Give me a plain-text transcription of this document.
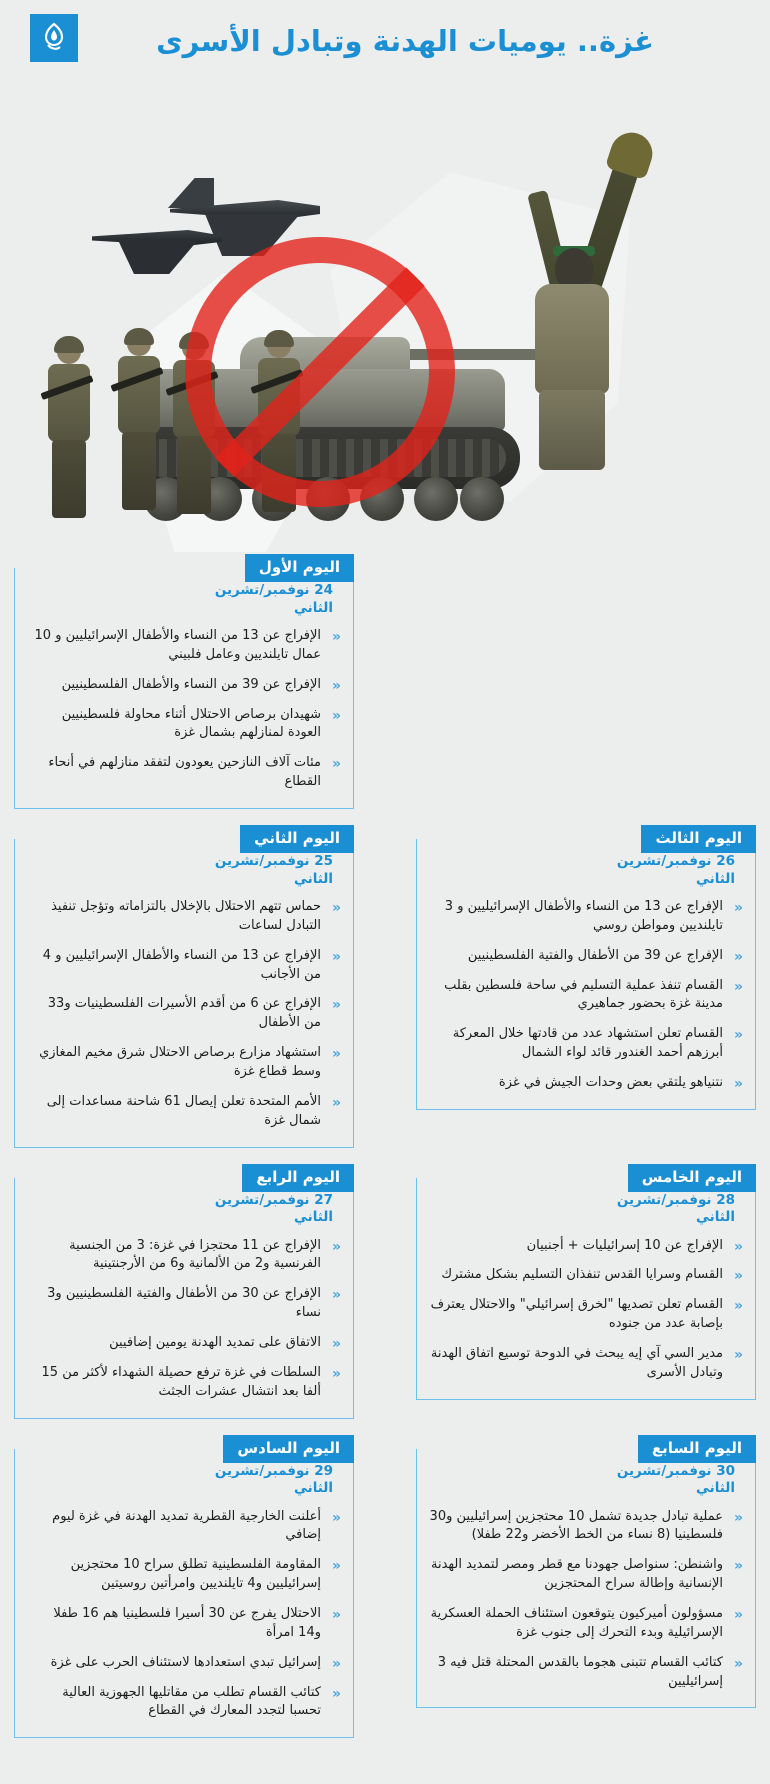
غزة.. يوميات الهدنة وتبادل الأسرى
اليوم الأول
24 نوفمبر/تشرين الثاني
«
الإفراج عن 13 من النساء والأطفال الإسرائيليين و 10 عمال تايلنديين وعامل فلبيني
«
الإفراج عن 39 من النساء والأطفال الفلسطينيين
«
شهيدان برصاص الاحتلال أثناء محاولة فلسطينيين العودة لمنازلهم بشمال غزة
«
مئات آلاف النازحين يعودون لتفقد منازلهم في أنحاء القطاع
اليوم الثالث
26 نوفمبر/تشرين الثاني
«
الإفراج عن 13 من النساء والأطفال الإسرائيليين و 3 تايلنديين ومواطن روسي
«
الإفراج عن 39 من الأطفال والفتية الفلسطينيين
«
القسام تنفذ عملية التسليم في ساحة فلسطين بقلب مدينة غزة بحضور جماهيري
«
القسام تعلن استشهاد عدد من قادتها خلال المعركة أبرزهم أحمد الغندور قائد لواء الشمال
«
نتنياهو يلتقي بعض وحدات الجيش في غزة
اليوم الثاني
25 نوفمبر/تشرين الثاني
«
حماس تتهم الاحتلال بالإخلال بالتزاماته وتؤجل تنفيذ التبادل لساعات
«
الإفراج عن 13 من النساء والأطفال الإسرائيليين و 4 من الأجانب
«
الإفراج عن 6 من أقدم الأسيرات الفلسطينيات و33 من الأطفال
«
استشهاد مزارع برصاص الاحتلال شرق مخيم المغازي وسط قطاع غزة
«
الأمم المتحدة تعلن إيصال 61 شاحنة مساعدات إلى شمال غزة
اليوم الخامس
28 نوفمبر/تشرين الثاني
«
الإفراج عن 10 إسرائيليات + أجنبيان
«
القسام وسرايا القدس تنفذان التسليم بشكل مشترك
«
القسام تعلن تصديها "لخرق إسرائيلي" والاحتلال يعترف بإصابة عدد من جنوده
«
مدير السي آي إيه يبحث في الدوحة توسيع اتفاق الهدنة وتبادل الأسرى
اليوم الرابع
27 نوفمبر/تشرين الثاني
«
الإفراج عن 11 محتجزا في غزة: 3 من الجنسية الفرنسية و2 من الألمانية و6 من الأرجنتينية
«
الإفراج عن 30 من الأطفال والفتية الفلسطينيين و3 نساء
«
الاتفاق على تمديد الهدنة يومين إضافيين
«
السلطات في غزة ترفع حصيلة الشهداء لأكثر من 15 ألفا بعد انتشال عشرات الجثث
اليوم السابع
30 نوفمبر/تشرين الثاني
«
عملية تبادل جديدة تشمل 10 محتجزين إسرائيليين و30 فلسطينيا (8 نساء من الخط الأخضر و22 طفلا)
«
واشنطن: سنواصل جهودنا مع قطر ومصر لتمديد الهدنة الإنسانية وإطالة سراح المحتجزين
«
مسؤولون أميركيون يتوقعون استئناف الحملة العسكرية الإسرائيلية وبدء التحرك إلى جنوب غزة
«
كتائب القسام تتبنى هجوما بالقدس المحتلة قتل فيه 3 إسرائيليين
اليوم السادس
29 نوفمبر/تشرين الثاني
«
أعلنت الخارجية القطرية تمديد الهدنة في غزة ليوم إضافي
«
المقاومة الفلسطينية تطلق سراح 10 محتجزين إسرائيليين و4 تايلنديين وامرأتين روسيتين
«
الاحتلال يفرج عن 30 أسيرا فلسطينيا هم 16 طفلا و14 امرأة
«
إسرائيل تبدي استعدادها لاستئناف الحرب على غزة
«
كتائب القسام تطلب من مقاتليها الجهوزية العالية تحسبا لتجدد المعارك في القطاع
